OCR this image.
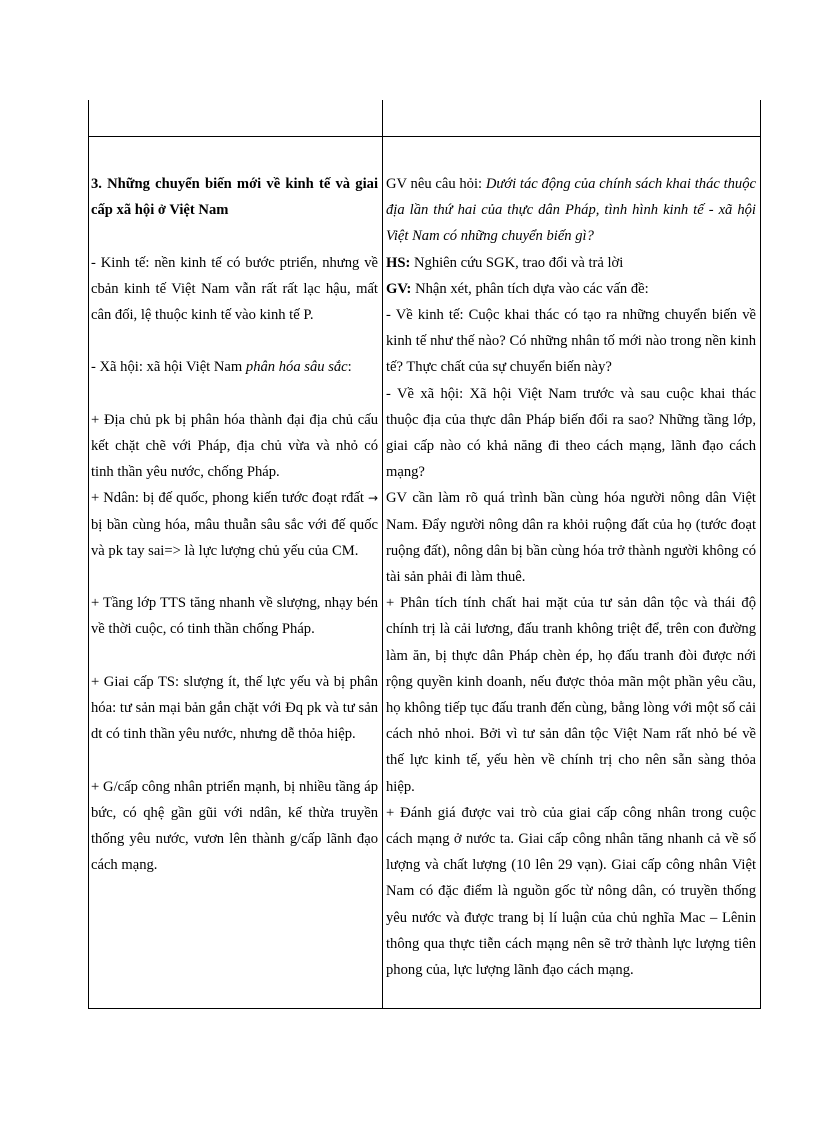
3. Những chuyển biến mới về kinh tế và giai cấp xã hội ở Việt Nam

- Kinh tế: nền kinh tế có bước ptriển, nhưng về cbản kinh tế Việt Nam vẫn rất rất lạc hậu, mất cân đối, lệ thuộc kinh tế vào kinh tế P.

- Xã hội: xã hội Việt Nam phân hóa sâu sắc:

+ Địa chủ pk bị phân hóa thành đại địa chủ cấu kết chặt chẽ với Pháp, địa chủ vừa và nhỏ có tinh thần yêu nước, chống Pháp.

+ Ndân: bị đế quốc, phong kiến tước đoạt rđất → bị bần cùng hóa, mâu thuẫn sâu sắc với đế quốc và pk tay sai=> là lực lượng chủ yếu của CM.

+ Tầng lớp TTS tăng nhanh về slượng, nhạy bén về thời cuộc, có tinh thần chống Pháp.

+ Giai cấp TS: slượng ít, thế lực yếu và bị phân hóa: tư sản mại bản gắn chặt với Đq pk và tư sản dt có tinh thần yêu nước, nhưng dễ thỏa hiệp.

+ G/cấp công nhân ptriển mạnh, bị nhiều tầng áp bức, có qhệ gần gũi với ndân, kế thừa truyền thống yêu nước, vươn lên thành g/cấp lãnh đạo cách mạng.

GV nêu câu hỏi: Dưới tác động của chính sách khai thác thuộc địa lần thứ hai của thực dân Pháp, tình hình kinh tế - xã hội Việt Nam có những chuyển biến gì?

HS: Nghiên cứu SGK, trao đổi và trả lời

GV: Nhận xét, phân tích dựa vào các vấn đề:

- Về kinh tế: Cuộc khai thác có tạo ra những chuyển biến về kinh tế như thế nào? Có những nhân tố mới nào trong nền kinh tế? Thực chất của sự chuyển biến này?

- Về xã hội: Xã hội Việt Nam trước và sau cuộc khai thác thuộc địa của thực dân Pháp biến đổi ra sao? Những tầng lớp, giai cấp nào có khả năng đi theo cách mạng, lãnh đạo cách mạng?

GV cần làm rõ quá trình bần cùng hóa người nông dân Việt Nam. Đẩy người nông dân ra khỏi ruộng đất của họ (tước đoạt ruộng đất), nông dân bị bần cùng hóa trở thành người không có tài sản phải đi làm thuê.

+ Phân tích tính chất hai mặt của tư sản dân tộc và thái độ chính trị là cải lương, đấu tranh không triệt để, trên con đường làm ăn, bị thực dân Pháp chèn ép, họ đấu tranh đòi được nới rộng quyền kinh doanh, nếu được thỏa mãn một phần yêu cầu, họ không tiếp tục đấu tranh đến cùng, bằng lòng với một số cải cách nhỏ nhoi. Bởi vì tư sản dân tộc Việt Nam rất nhỏ bé về thế lực kinh tế, yếu hèn về chính trị cho nên sẵn sàng thỏa hiệp.

+ Đánh giá được vai trò của giai cấp công nhân trong cuộc cách mạng ở nước ta. Giai cấp công nhân tăng nhanh cả về số lượng và chất lượng (10 lên 29 vạn). Giai cấp công nhân Việt Nam có đặc điểm là nguồn gốc từ nông dân, có truyền thống yêu nước và được trang bị lí luận của chủ nghĩa Mac – Lênin thông qua thực tiễn cách mạng nên sẽ trở thành lực lượng tiên phong của, lực lượng lãnh đạo cách mạng.
